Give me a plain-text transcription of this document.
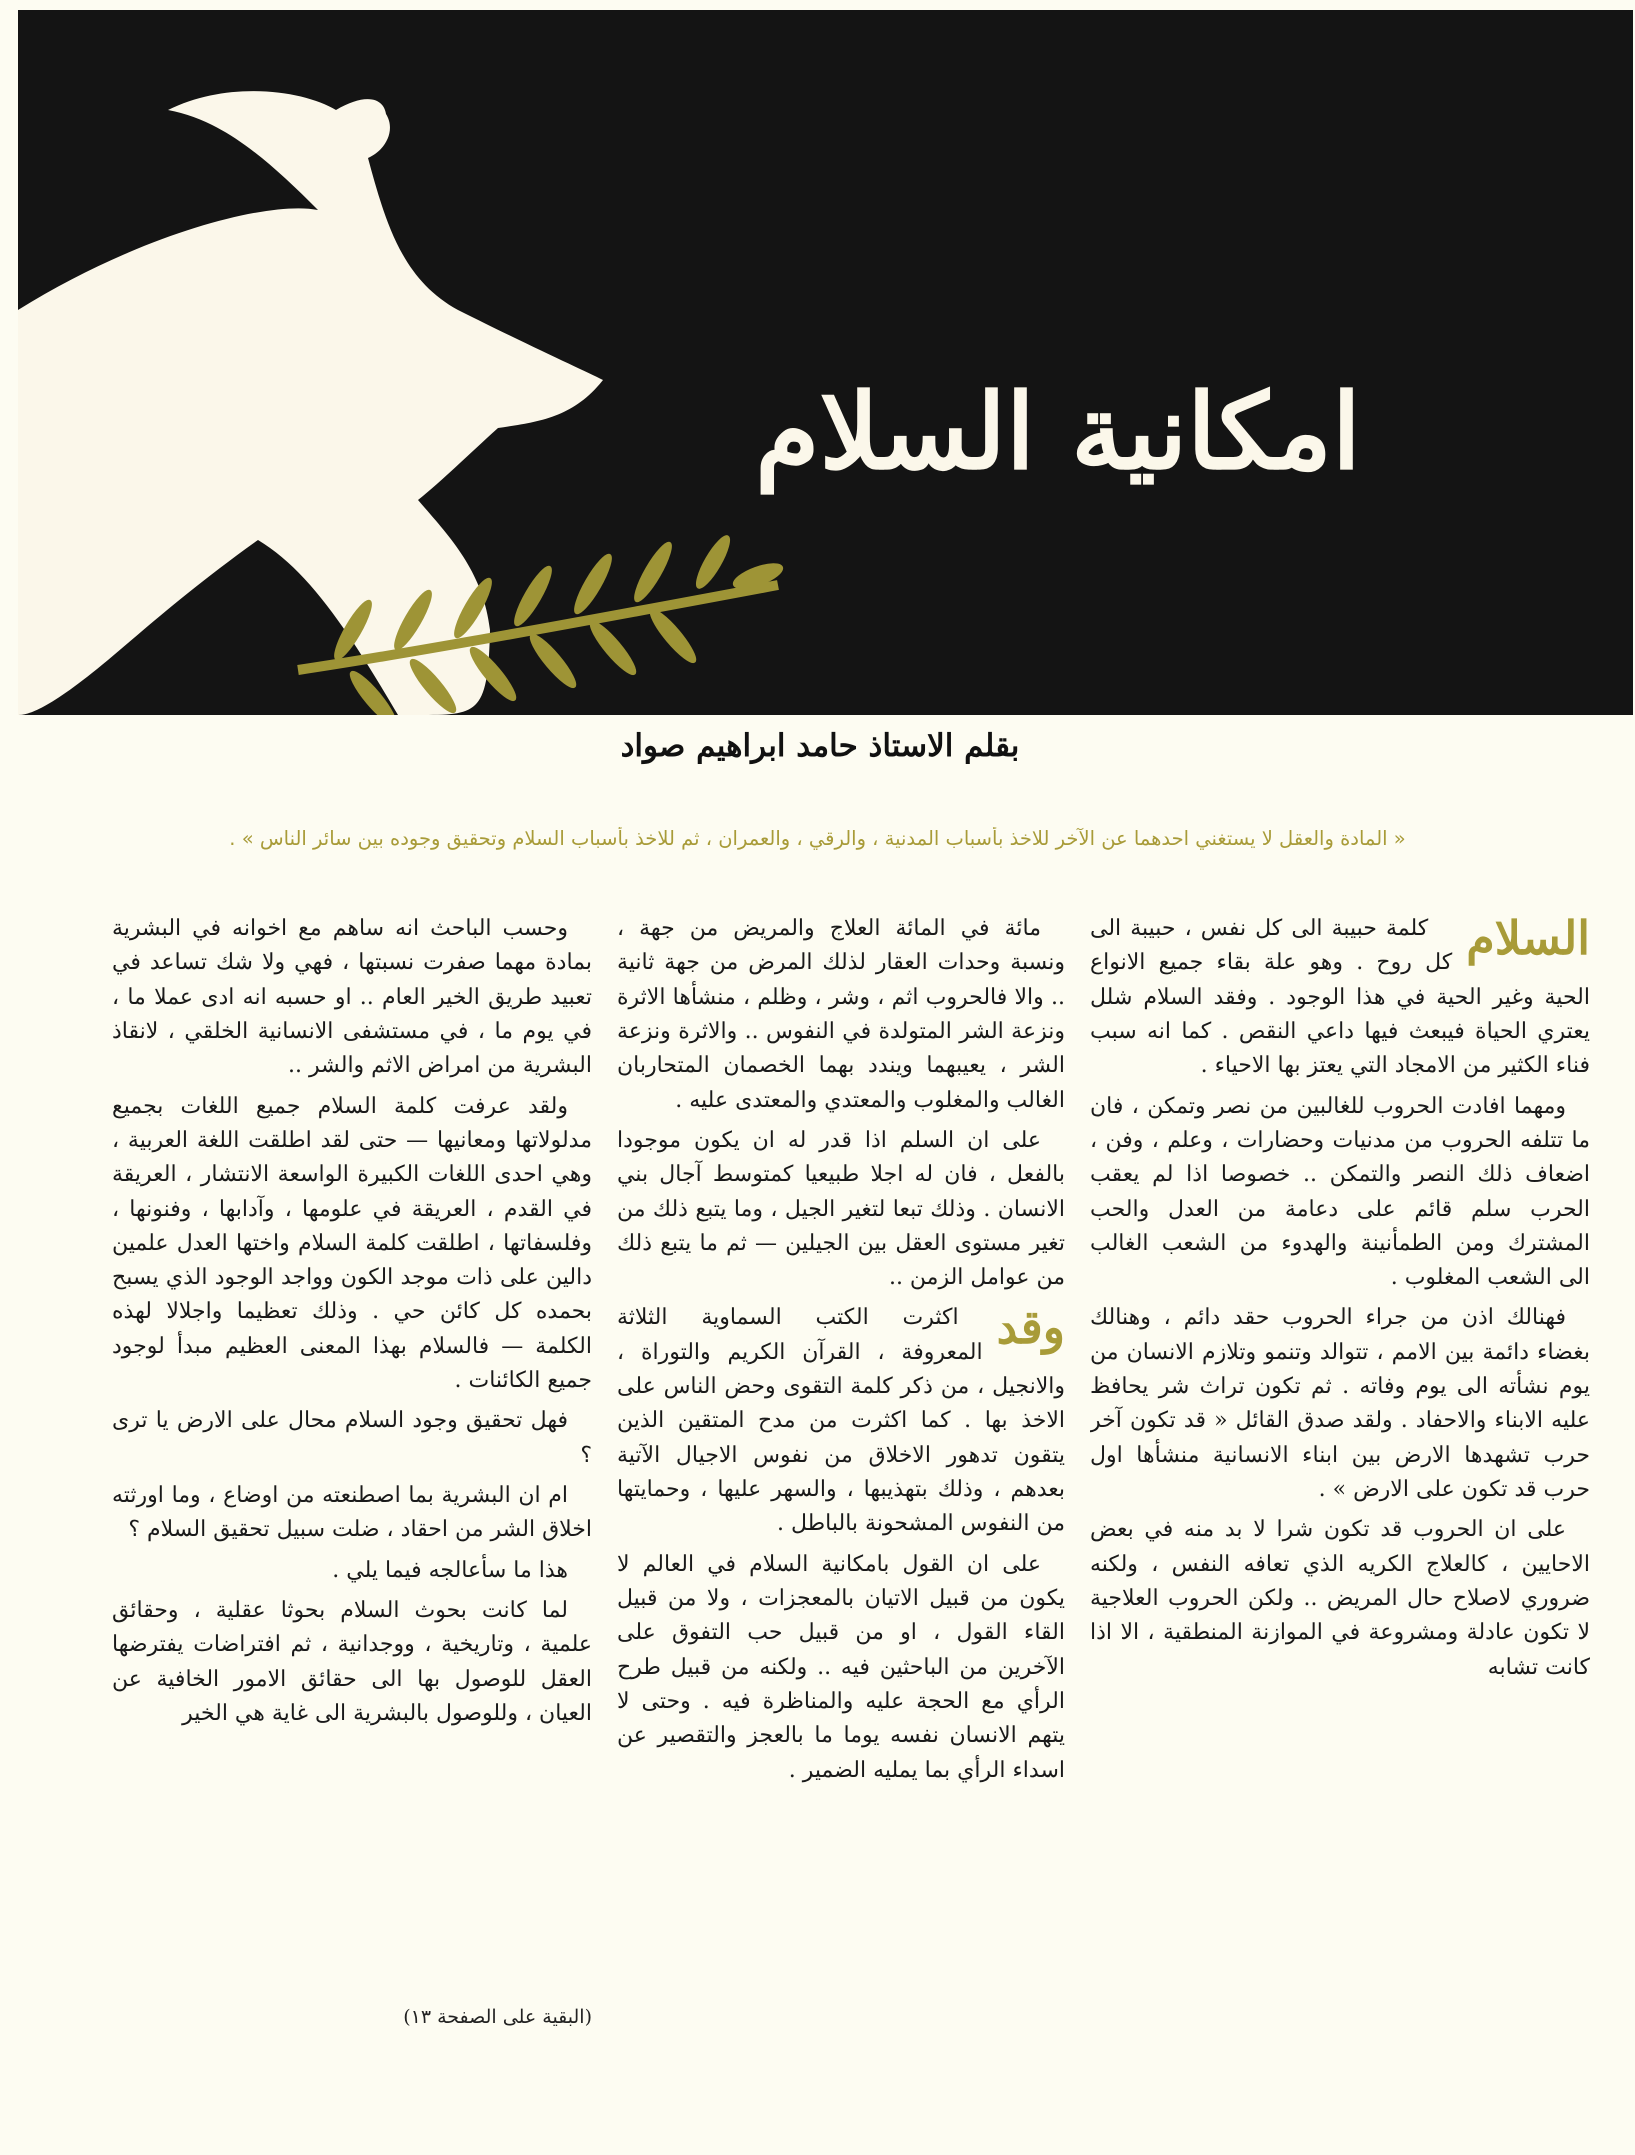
امكانية السلام
بقلم الاستاذ حامد ابراهيم صواد
« المادة والعقل لا يستغني احدهما عن الآخر للاخذ بأسباب المدنية ، والرقي ، والعمران ، ثم للاخذ بأسباب السلام وتحقيق وجوده بين سائر الناس » .
السلام

كلمة حبيبة الى كل نفس ، حبيبة الى كل روح . وهو علة بقاء جميع الانواع الحية وغير الحية في هذا الوجود . وفقد السلام شلل يعتري الحياة فيبعث فيها داعي النقص . كما انه سبب فناء الكثير من الامجاد التي يعتز بها الاحياء .

ومهما افادت الحروب للغالبين من نصر وتمكن ، فان ما تتلفه الحروب من مدنيات وحضارات ، وعلم ، وفن ، اضعاف ذلك النصر والتمكن .. خصوصا اذا لم يعقب الحرب سلم قائم على دعامة من العدل والحب المشترك ومن الطمأنينة والهدوء من الشعب الغالب الى الشعب المغلوب .

فهنالك اذن من جراء الحروب حقد دائم ، وهنالك بغضاء دائمة بين الامم ، تتوالد وتنمو وتلازم الانسان من يوم نشأته الى يوم وفاته . ثم تكون تراث شر يحافظ عليه الابناء والاحفاد . ولقد صدق القائل « قد تكون آخر حرب تشهدها الارض بين ابناء الانسانية منشأها اول حرب قد تكون على الارض » .

على ان الحروب قد تكون شرا لا بد منه في بعض الاحايين ، كالعلاج الكريه الذي تعافه النفس ، ولكنه ضروري لاصلاح حال المريض .. ولكن الحروب العلاجية لا تكون عادلة ومشروعة في الموازنة المنطقية ، الا اذا كانت تشابه

مائة في المائة العلاج والمريض من جهة ، ونسبة وحدات العقار لذلك المرض من جهة ثانية .. والا فالحروب اثم ، وشر ، وظلم ، منشأها الاثرة ونزعة الشر المتولدة في النفوس .. والاثرة ونزعة الشر ، يعيبهما ويندد بهما الخصمان المتحاربان الغالب والمغلوب والمعتدي والمعتدى عليه .

على ان السلم اذا قدر له ان يكون موجودا بالفعل ، فان له اجلا طبيعيا كمتوسط آجال بني الانسان . وذلك تبعا لتغير الجيل ، وما يتبع ذلك من تغير مستوى العقل بين الجيلين — ثم ما يتبع ذلك من عوامل الزمن ..

وقد

اكثرت الكتب السماوية الثلاثة المعروفة ، القرآن الكريم والتوراة ، والانجيل ، من ذكر كلمة التقوى وحض الناس على الاخذ بها . كما اكثرت من مدح المتقين الذين يتقون تدهور الاخلاق من نفوس الاجيال الآتية بعدهم ، وذلك بتهذيبها ، والسهر عليها ، وحمايتها من النفوس المشحونة بالباطل .

على ان القول بامكانية السلام في العالم لا يكون من قبيل الاتيان بالمعجزات ، ولا من قبيل القاء القول ، او من قبيل حب التفوق على الآخرين من الباحثين فيه .. ولكنه من قبيل طرح الرأي مع الحجة عليه والمناظرة فيه . وحتى لا يتهم الانسان نفسه يوما ما بالعجز والتقصير عن اسداء الرأي بما يمليه الضمير .

وحسب الباحث انه ساهم مع اخوانه في البشرية بمادة مهما صفرت نسبتها ، فهي ولا شك تساعد في تعبيد طريق الخير العام .. او حسبه انه ادى عملا ما ، في يوم ما ، في مستشفى الانسانية الخلقي ، لانقاذ البشرية من امراض الاثم والشر ..

ولقد عرفت كلمة السلام جميع اللغات بجميع مدلولاتها ومعانيها — حتى لقد اطلقت اللغة العربية ، وهي احدى اللغات الكبيرة الواسعة الانتشار ، العريقة في القدم ، العريقة في علومها ، وآدابها ، وفنونها ، وفلسفاتها ، اطلقت كلمة السلام واختها العدل علمين دالين على ذات موجد الكون وواجد الوجود الذي يسبح بحمده كل كائن حي . وذلك تعظيما واجلالا لهذه الكلمة — فالسلام بهذا المعنى العظيم مبدأ لوجود جميع الكائنات .

فهل تحقيق وجود السلام محال على الارض يا ترى ؟

ام ان البشرية بما اصطنعته من اوضاع ، وما اورثته اخلاق الشر من احقاد ، ضلت سبيل تحقيق السلام ؟

هذا ما سأعالجه فيما يلي .

لما كانت بحوث السلام بحوثا عقلية ، وحقائق علمية ، وتاريخية ، ووجدانية ، ثم افتراضات يفترضها العقل للوصول بها الى حقائق الامور الخافية عن العيان ، وللوصول بالبشرية الى غاية هي الخير

(البقية على الصفحة ١٣)
